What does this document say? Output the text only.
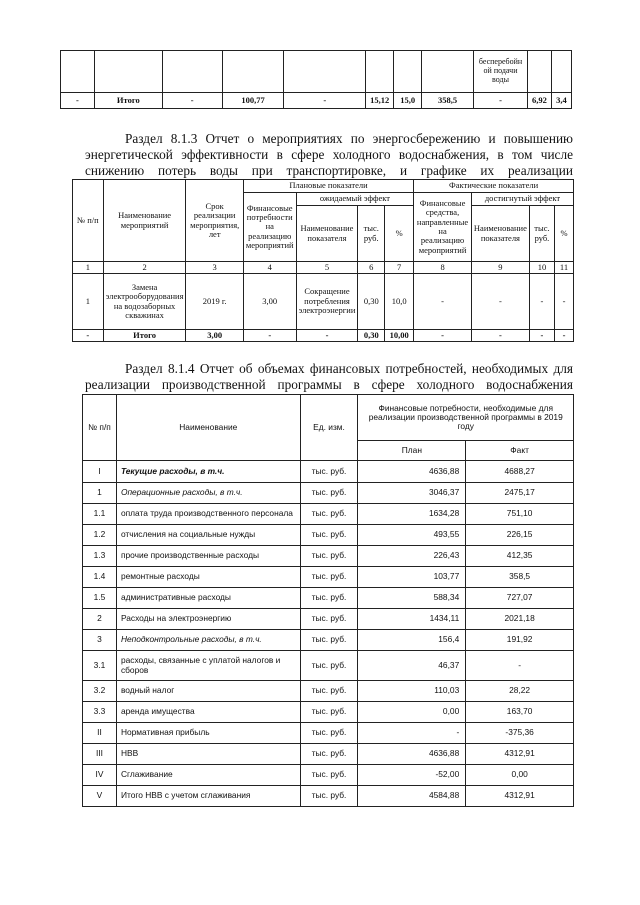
								бесперебойн ой подачи воды		
-	Итого	-	100,77	-	15,12	15,0	358,5	-	6,92	3,4
Раздел 8.1.3 Отчет о мероприятиях по энергосбережению и повышению энергетической эффективности в сфере холодного водоснабжения, в том числе снижению потерь воды при транспортировке, и графике их реализации
№ п/п	Наименование мероприятий	Срок реализации мероприятия, лет	Плановые показатели				Фактические показатели			
			Финансовые потребности на реализацию мероприятий	ожидаемый эффект			Финансовые средства, направленные на реализацию мероприятий	достигнутый эффект		
				Наименование показателя	тыс. руб.	%		Наименование показателя	тыс. руб.	%
1	2	3	4	5	6	7	8	9	10	11
1	Замена электрооборудования на водозаборных скважинах	2019 г.	3,00	Сокращение потребления электроэнергии	0,30	10,0	-	-	-	-
-	Итого	3,00	-	-	0,30	10,00	-	-	-	-
Раздел 8.1.4 Отчет об объемах финансовых потребностей, необходимых для реализации производственной программы в сфере холодного водоснабжения
№ п/п	Наименование	Ед. изм.	Финансовые потребности, необходимые для реализации производственной программы в 2019 году	
			План	Факт
I	Текущие расходы, в т.ч.	тыс. руб.	4636,88	4688,27
1	Операционные расходы, в т.ч.	тыс. руб.	3046,37	2475,17
1.1	оплата труда производственного персонала	тыс. руб.	1634,28	751,10
1.2	отчисления на социальные нужды	тыс. руб.	493,55	226,15
1.3	прочие производственные расходы	тыс. руб.	226,43	412,35
1.4	ремонтные расходы	тыс. руб.	103,77	358,5
1.5	административные расходы	тыс. руб.	588,34	727,07
2	Расходы на электроэнергию	тыс. руб.	1434,11	2021,18
3	Неподконтрольные расходы, в т.ч.	тыс. руб.	156,4	191,92
3.1	расходы, связанные с уплатой налогов и сборов	тыс. руб.	46,37	-
3.2	водный налог	тыс. руб.	110,03	28,22
3.3	аренда имущества	тыс. руб.	0,00	163,70
II	Нормативная прибыль	тыс. руб.	-	-375,36
III	НВВ	тыс. руб.	4636,88	4312,91
IV	Сглаживание	тыс. руб.	-52,00	0,00
V	Итого НВВ с учетом сглаживания	тыс. руб.	4584,88	4312,91
